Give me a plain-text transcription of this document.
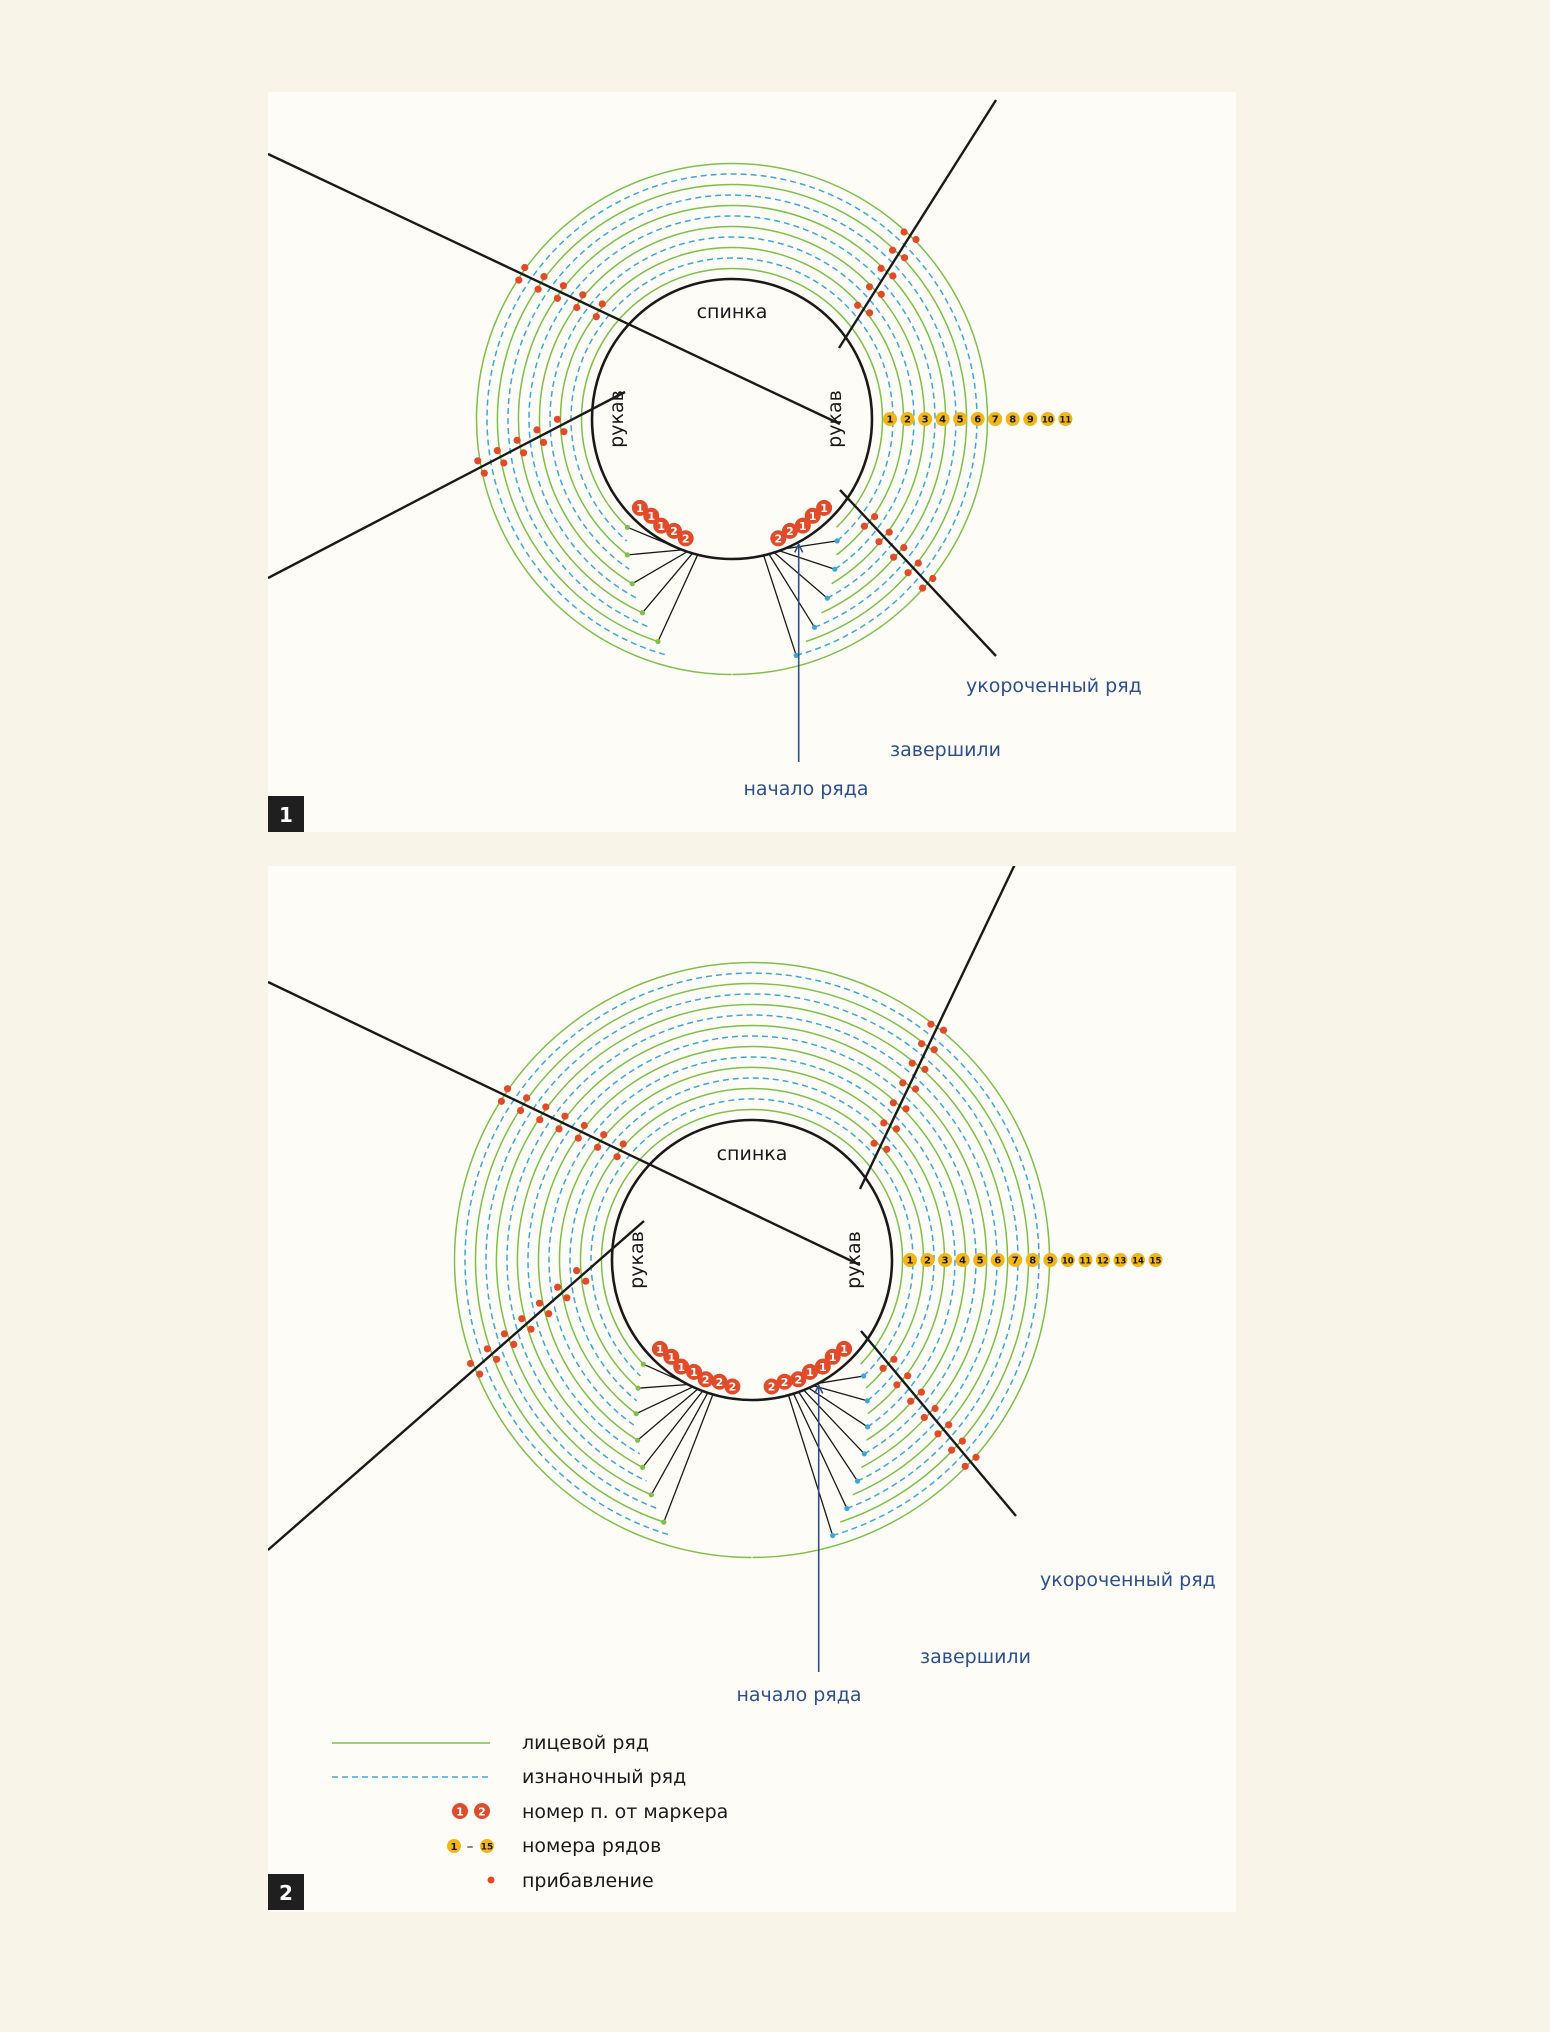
1 2 3 4 5 6 7 8 9 10 11
1
1
1 2
2	2
2 1
1
1
спинка
рукав	рукав
укороченный ряд
завершили
начало ряда
1
1 2 3 4 5 6 7 8 9 10 11 12 13 14 15
1
1
1 1
2 2 2	2 2 2
1 1
1
1
спинка
рукав	рукав
укороченный ряд
завершили
начало ряда
лицевой ряд
изнаночный ряд
1 2 номер п. от маркера
1 – 15 номера рядов
прибавление
2
